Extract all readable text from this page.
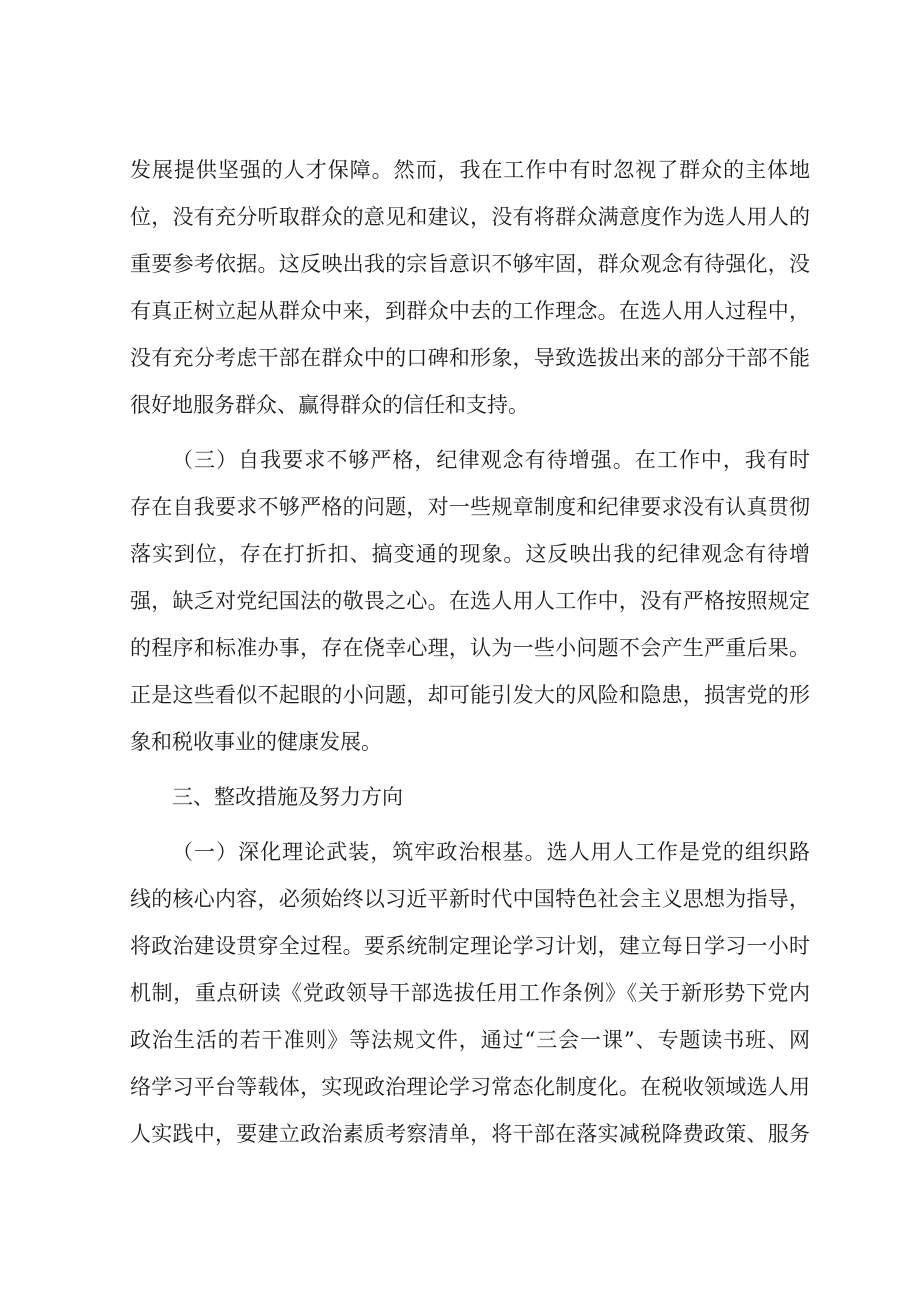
发展提供坚强的人才保障。然而，我在工作中有时忽视了群众的主体地
位，没有充分听取群众的意见和建议，没有将群众满意度作为选人用人的
重要参考依据。这反映出我的宗旨意识不够牢固，群众观念有待强化，没
有真正树立起从群众中来，到群众中去的工作理念。在选人用人过程中，
没有充分考虑干部在群众中的口碑和形象，导致选拔出来的部分干部不能
很好地服务群众、赢得群众的信任和支持。
（三）自我要求不够严格，纪律观念有待增强。在工作中，我有时
存在自我要求不够严格的问题，对一些规章制度和纪律要求没有认真贯彻
落实到位，存在打折扣、搞变通的现象。这反映出我的纪律观念有待增
强，缺乏对党纪国法的敬畏之心。在选人用人工作中，没有严格按照规定
的程序和标准办事，存在侥幸心理，认为一些小问题不会产生严重后果。
正是这些看似不起眼的小问题，却可能引发大的风险和隐患，损害党的形
象和税收事业的健康发展。
三、整改措施及努力方向
（一）深化理论武装，筑牢政治根基。选人用人工作是党的组织路
线的核心内容，必须始终以习近平新时代中国特色社会主义思想为指导，
将政治建设贯穿全过程。要系统制定理论学习计划，建立每日学习一小时
机制，重点研读《党政领导干部选拔任用工作条例》《关于新形势下党内
政治生活的若干准则》等法规文件，通过“三会一课”、专题读书班、网
络学习平台等载体，实现政治理论学习常态化制度化。在税收领域选人用
人实践中，要建立政治素质考察清单，将干部在落实减税降费政策、服务
